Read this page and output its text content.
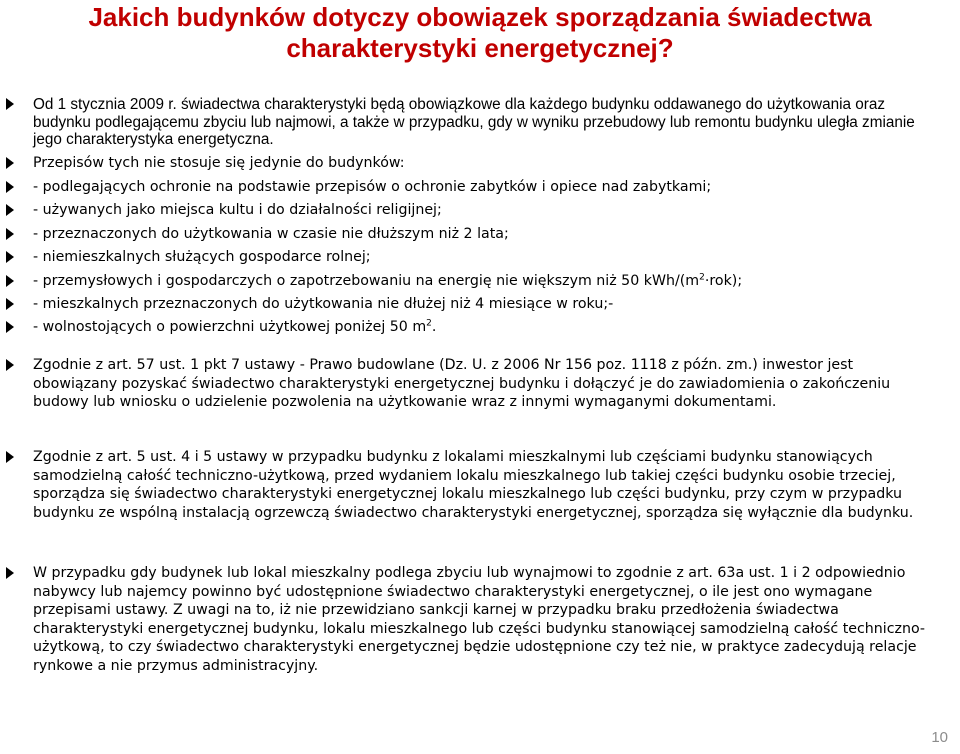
Jakich budynków dotyczy obowiązek sporządzania świadectwa charakterystyki energetycznej?
Od 1 stycznia 2009 r. świadectwa charakterystyki będą obowiązkowe dla każdego budynku oddawanego do użytkowania oraz budynku podlegającemu zbyciu lub najmowi, a także w przypadku, gdy w wyniku przebudowy lub remontu budynku uległa zmianie jego charakterystyka energetyczna.
Przepisów tych nie stosuje się jedynie do budynków:
- podlegających ochronie na podstawie przepisów o ochronie zabytków i opiece nad zabytkami;
- używanych jako miejsca kultu i do działalności religijnej;
- przeznaczonych do użytkowania w czasie nie dłuższym niż 2 lata;
- niemieszkalnych służących gospodarce rolnej;
- przemysłowych i gospodarczych o zapotrzebowaniu na energię nie większym niż 50 kWh/$(m^2\cdot rok)$;
- mieszkalnych przeznaczonych do użytkowania nie dłużej niż 4 miesiące w roku;-
- wolnostojących o powierzchni użytkowej poniżej 50 $m^2$.
Zgodnie z art. 57 ust. 1 pkt 7 ustawy - Prawo budowlane (Dz. U. z 2006 Nr 156 poz. 1118 z późn. zm.) inwestor jest obowiązany pozyskać świadectwo charakterystyki energetycznej budynku i dołączyć je do zawiadomienia o zakończeniu budowy lub wniosku o udzielenie pozwolenia na użytkowanie wraz z innymi wymaganymi dokumentami.
Zgodnie z art. 5 ust. 4 i 5 ustawy w przypadku budynku z lokalami mieszkalnymi lub częściami budynku stanowiących samodzielną całość techniczno-użytkową, przed wydaniem lokalu mieszkalnego lub takiej części budynku osobie trzeciej, sporządza się świadectwo charakterystyki energetycznej lokalu mieszkalnego lub części budynku, przy czym w przypadku budynku ze wspólną instalacją ogrzewczą świadectwo charakterystyki energetycznej, sporządza się wyłącznie dla budynku.
W przypadku gdy budynek lub lokal mieszkalny podlega zbyciu lub wynajmowi to zgodnie z art. 63a ust. 1 i 2 odpowiednio nabywcy lub najemcy powinno być udostępnione świadectwo charakterystyki energetycznej, o ile jest ono wymagane przepisami ustawy. Z uwagi na to, iż nie przewidziano sankcji karnej w przypadku braku przedłożenia świadectwa charakterystyki energetycznej budynku, lokalu mieszkalnego lub części budynku stanowiącej samodzielną całość techniczno-użytkową, to czy świadectwo charakterystyki energetycznej będzie udostępnione czy też nie, w praktyce zadecydują relacje rynkowe a nie przymus administracyjny.
10
